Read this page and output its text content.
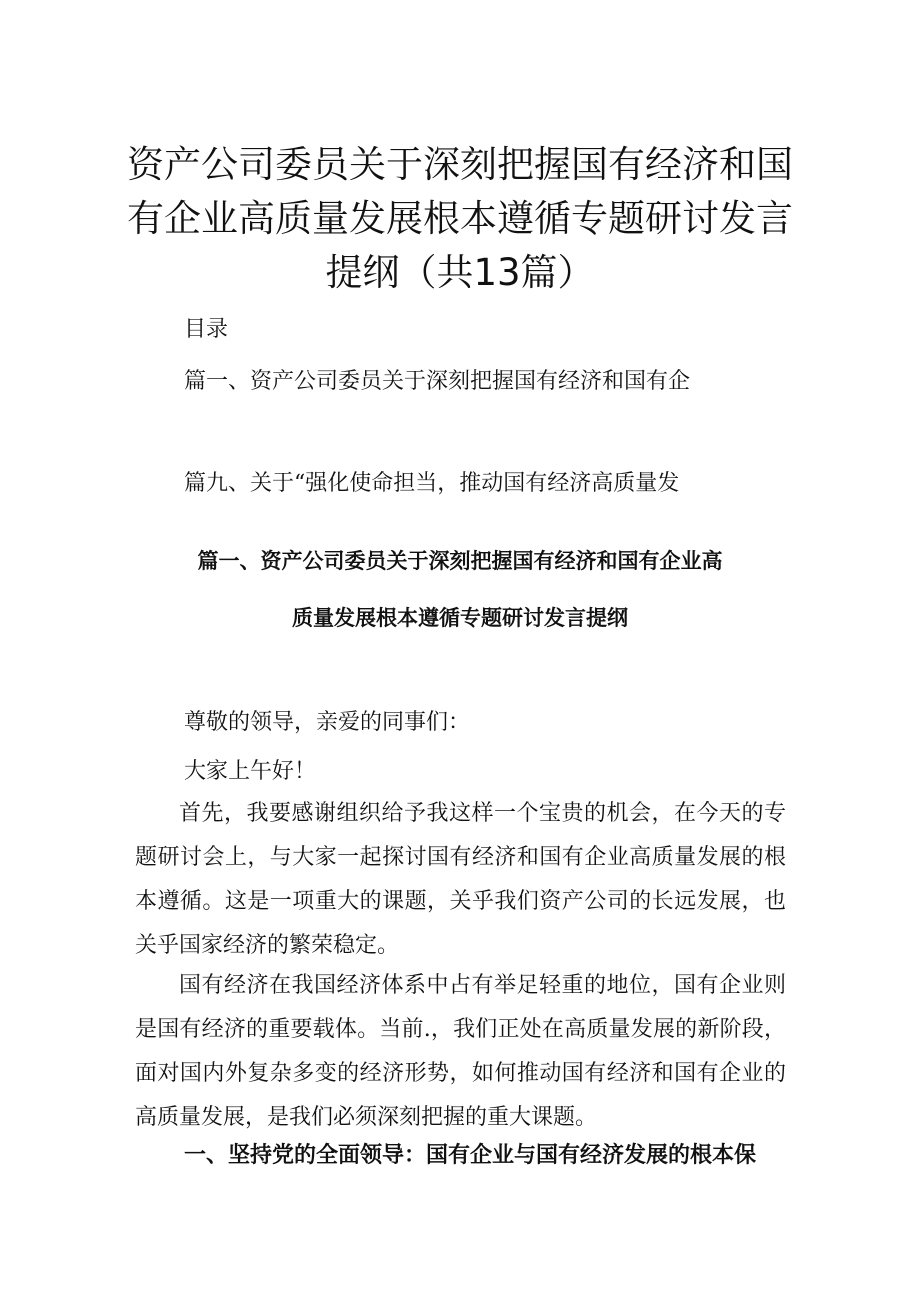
资产公司委员关于深刻把握国有经济和国有企业高质量发展根本遵循专题研讨发言提纲（共13篇）
目录
篇一、资产公司委员关于深刻把握国有经济和国有企
篇九、关于“强化使命担当，推动国有经济高质量发
篇一、资产公司委员关于深刻把握国有经济和国有企业高
质量发展根本遵循专题研讨发言提纲
尊敬的领导，亲爱的同事们：
大家上午好！

首先，我要感谢组织给予我这样一个宝贵的机会，在今天的专题研讨会上，与大家一起探讨国有经济和国有企业高质量发展的根本遵循。这是一项重大的课题，关乎我们资产公司的长远发展，也关乎国家经济的繁荣稳定。

国有经济在我国经济体系中占有举足轻重的地位，国有企业则是国有经济的重要载体。当前.，我们正处在高质量发展的新阶段，面对国内外复杂多变的经济形势，如何推动国有经济和国有企业的高质量发展，是我们必须深刻把握的重大课题。

一、坚持党的全面领导：国有企业与国有经济发展的根本保
